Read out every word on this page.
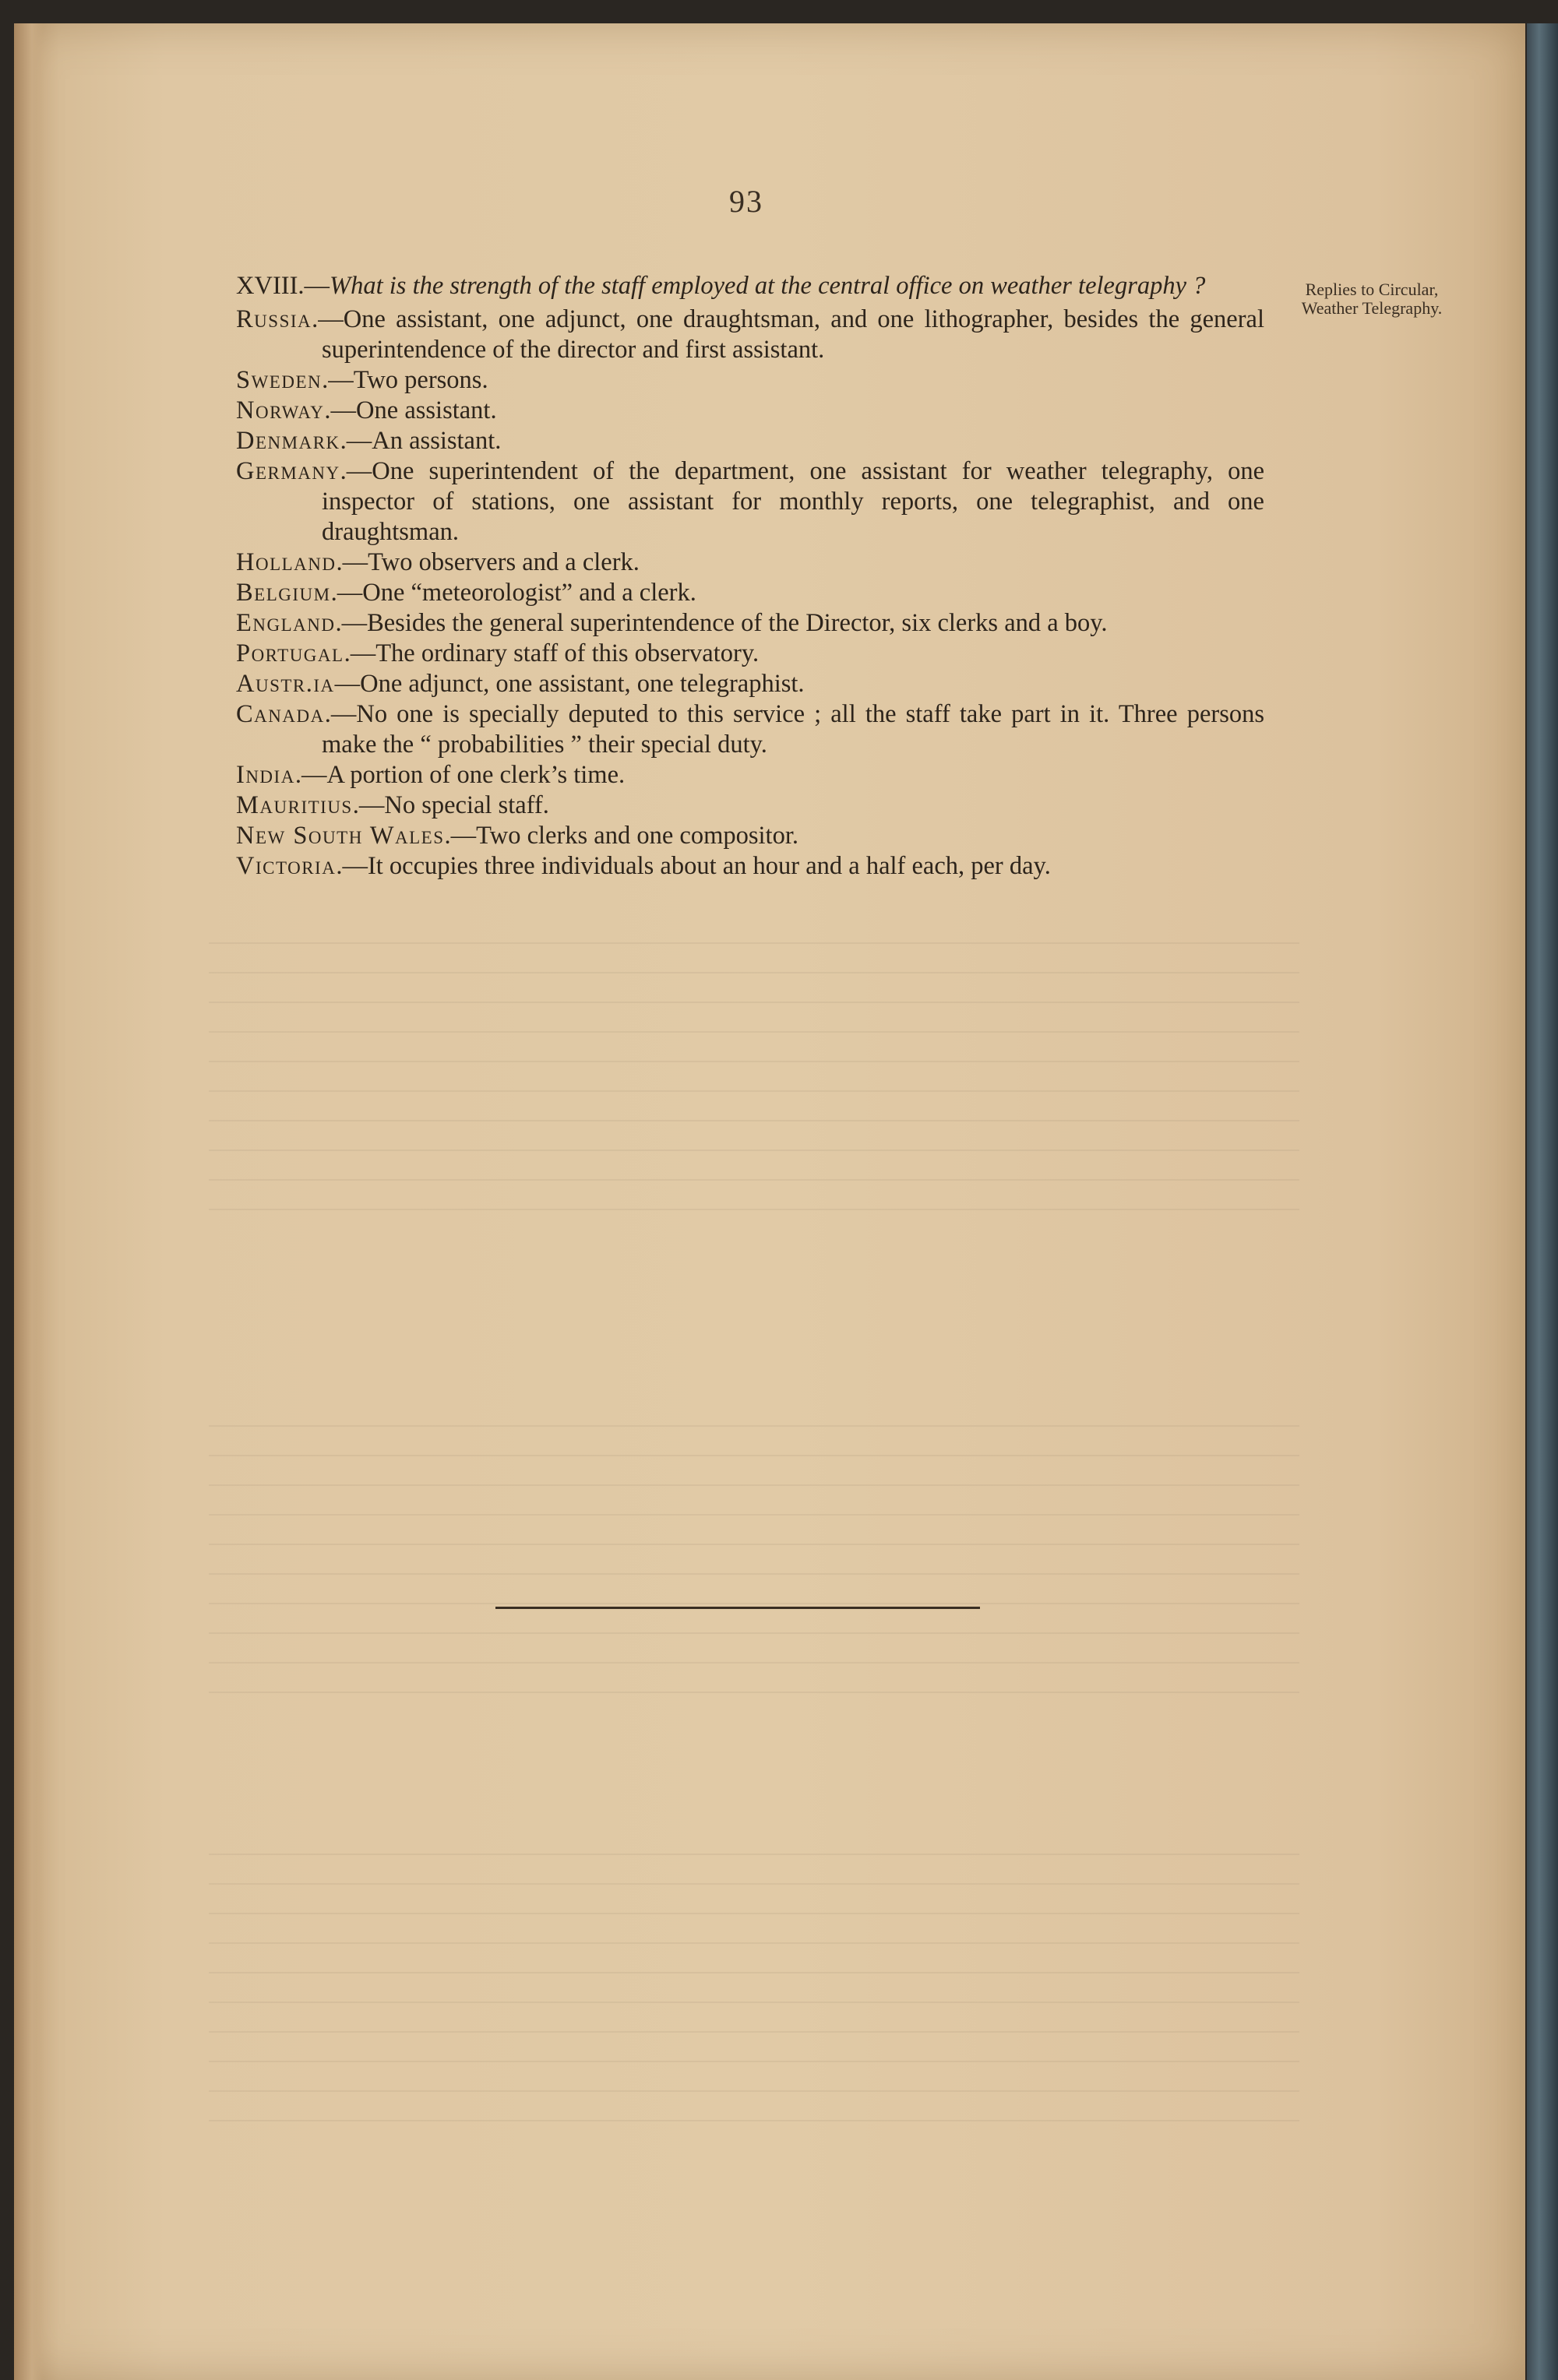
93
Replies to Circular, Weather Telegraphy.

XVIII.—What is the strength of the staff employed at the central office on weather telegraphy ?

Russia.—One assistant, one adjunct, one draughtsman, and one lithographer, besides the general superintendence of the director and first assistant.

Sweden.—Two persons.

Norway.—One assistant.

Denmark.—An assistant.

Germany.—One superintendent of the department, one assistant for weather telegraphy, one inspector of stations, one assistant for monthly reports, one telegraphist, and one draughtsman.

Holland.—Two observers and a clerk.

Belgium.—One “meteorologist” and a clerk.

England.—Besides the general superintendence of the Director, six clerks and a boy.

Portugal.—The ordinary staff of this observatory.

Austr.ia—One adjunct, one assistant, one telegraphist.

Canada.—No one is specially deputed to this service ; all the staff take part in it. Three persons make the “ probabilities ” their special duty.

India.—A portion of one clerk’s time.

Mauritius.—No special staff.

New South Wales.—Two clerks and one compositor.

Victoria.—It occupies three individuals about an hour and a half each, per day.
